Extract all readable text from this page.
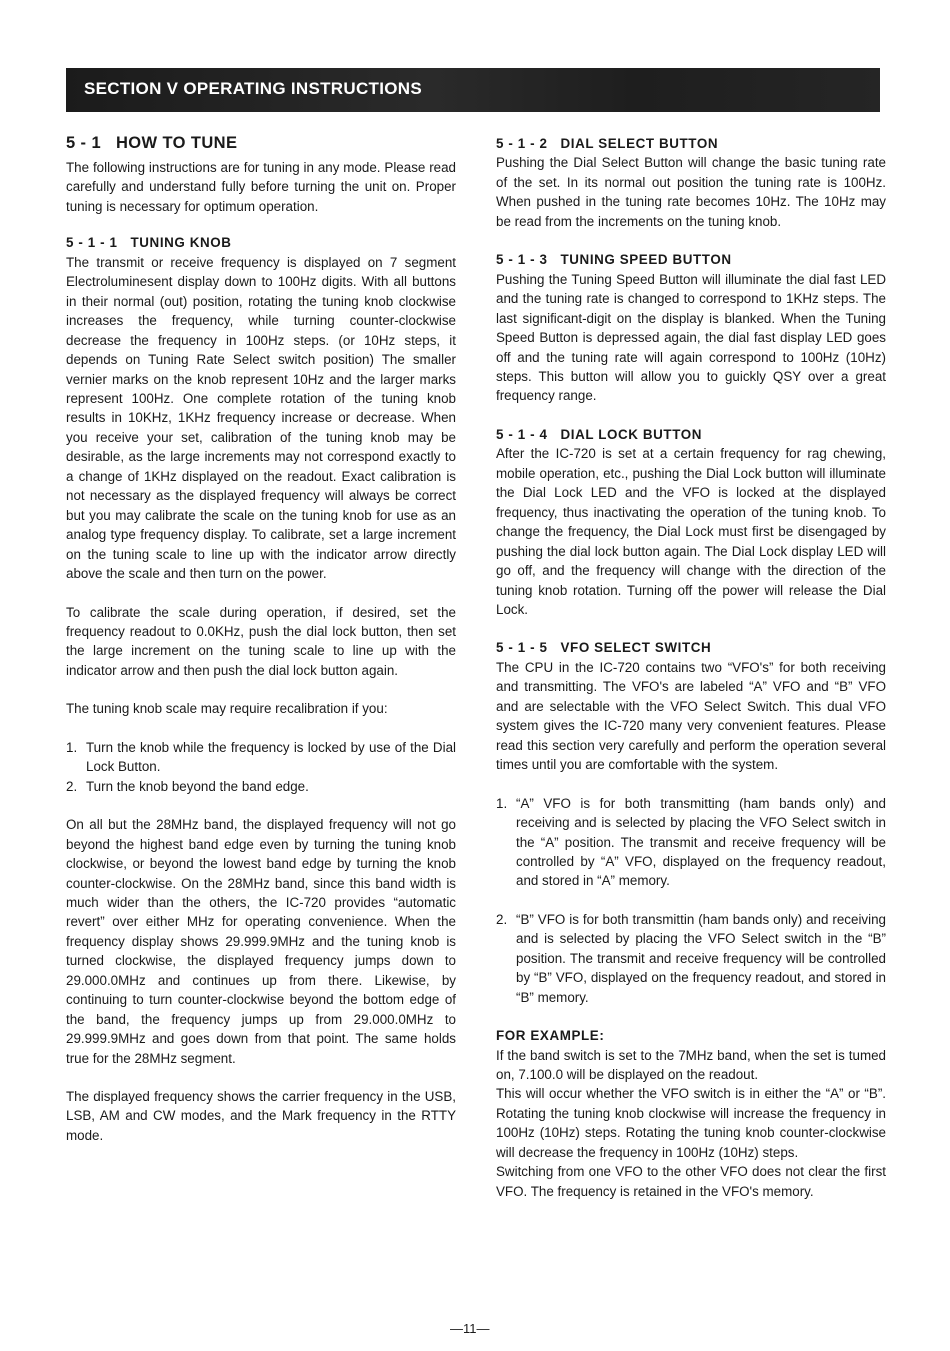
SECTION V OPERATING INSTRUCTIONS
5 - 1   HOW TO TUNE

The following instructions are for tuning in any mode. Please read carefully and understand fully before turning the unit on. Proper tuning is necessary for optimum operation.

5 - 1 - 1   TUNING KNOB

The transmit or receive frequency is displayed on 7 segment Electroluminesent display down to 100Hz digits. With all buttons in their normal (out) position, rotating the tuning knob clockwise increases the frequency, while turning counter-clockwise decrease the frequency in 100Hz steps. (or 10Hz steps, it depends on Tuning Rate Select switch position) The smaller vernier marks on the knob represent 10Hz and the larger marks represent 100Hz. One complete rotation of the tuning knob results in 10KHz, 1KHz frequency increase or decrease. When you receive your set, calibration of the tuning knob may be desirable, as the large increments may not correspond exactly to a change of 1KHz displayed on the readout. Exact calibration is not necessary as the displayed frequency will always be correct but you may calibrate the scale on the tuning knob for use as an analog type frequency display. To calibrate, set a large increment on the tuning scale to line up with the indicator arrow directly above the scale and then turn on the power.

To calibrate the scale during operation, if desired, set the frequency readout to 0.0KHz, push the dial lock button, then set the large increment on the tuning scale to line up with the indicator arrow and then push the dial lock button again.

The tuning knob scale may require recalibration if you:

1. Turn the knob while the frequency is locked by use of the Dial Lock Button.
2. Turn the knob beyond the band edge.

On all but the 28MHz band, the displayed frequency will not go beyond the highest band edge even by turning the tuning knob clockwise, or beyond the lowest band edge by turning the knob counter-clockwise. On the 28MHz band, since this band width is much wider than the others, the IC-720 provides “automatic revert” over either MHz for operating convenience. When the frequency display shows 29.999.9MHz and the tuning knob is turned clockwise, the displayed frequency jumps down to 29.000.0MHz and continues up from there. Likewise, by continuing to turn counter-clockwise beyond the bottom edge of the band, the frequency jumps up from 29.000.0MHz to 29.999.9MHz and goes down from that point. The same holds true for the 28MHz segment.

The displayed frequency shows the carrier frequency in the USB, LSB, AM and CW modes, and the Mark frequency in the RTTY mode.

5 - 1 - 2   DIAL SELECT BUTTON

Pushing the Dial Select Button will change the basic tuning rate of the set. In its normal out position the tuning rate is 100Hz. When pushed in the tuning rate becomes 10Hz. The 10Hz may be read from the increments on the tuning knob.

5 - 1 - 3   TUNING SPEED BUTTON

Pushing the Tuning Speed Button will illuminate the dial fast LED and the tuning rate is changed to correspond to 1KHz steps. The last significant-digit on the display is blanked. When the Tuning Speed Button is depressed again, the dial fast display LED goes off and the tuning rate will again correspond to 100Hz (10Hz) steps. This button will allow you to guickly QSY over a great frequency range.

5 - 1 - 4   DIAL LOCK BUTTON

After the IC-720 is set at a certain frequency for rag chewing, mobile operation, etc., pushing the Dial Lock button will illuminate the Dial Lock LED and the VFO is locked at the displayed frequency, thus inactivating the operation of the tuning knob. To change the frequency, the Dial Lock must first be disengaged by pushing the dial lock button again. The Dial Lock display LED will go off, and the frequency will change with the direction of the tuning knob rotation. Turning off the power will release the Dial Lock.

5 - 1 - 5   VFO SELECT SWITCH

The CPU in the IC-720 contains two “VFO's” for both receiving and transmitting. The VFO's are labeled “A” VFO and “B” VFO and are selectable with the VFO Select Switch. This dual VFO system gives the IC-720 many very convenient features. Please read this section very carefully and perform the operation several times until you are comfortable with the system.

1. “A” VFO is for both transmitting (ham bands only) and receiving and is selected by placing the VFO Select switch in the “A” position. The transmit and receive frequency will be controlled by “A” VFO, displayed on the frequency readout, and stored in “A” memory.
2. “B” VFO is for both transmittin (ham bands only) and receiving and is selected by placing the VFO Select switch in the “B” position. The transmit and receive frequency will be controlled by “B” VFO, displayed on the frequency readout, and stored in “B” memory.

FOR EXAMPLE:

If the band switch is set to the 7MHz band, when the set is tumed on, 7.100.0 will be displayed on the readout.

This will occur whether the VFO switch is in either the “A” or “B”. Rotating the tuning knob clockwise will increase the frequency in 100Hz (10Hz) steps. Rotating the tuning knob counter-clockwise will decrease the frequency in 100Hz (10Hz) steps.

Switching from one VFO to the other VFO does not clear the first VFO. The frequency is retained in the VFO's memory.

—11—
